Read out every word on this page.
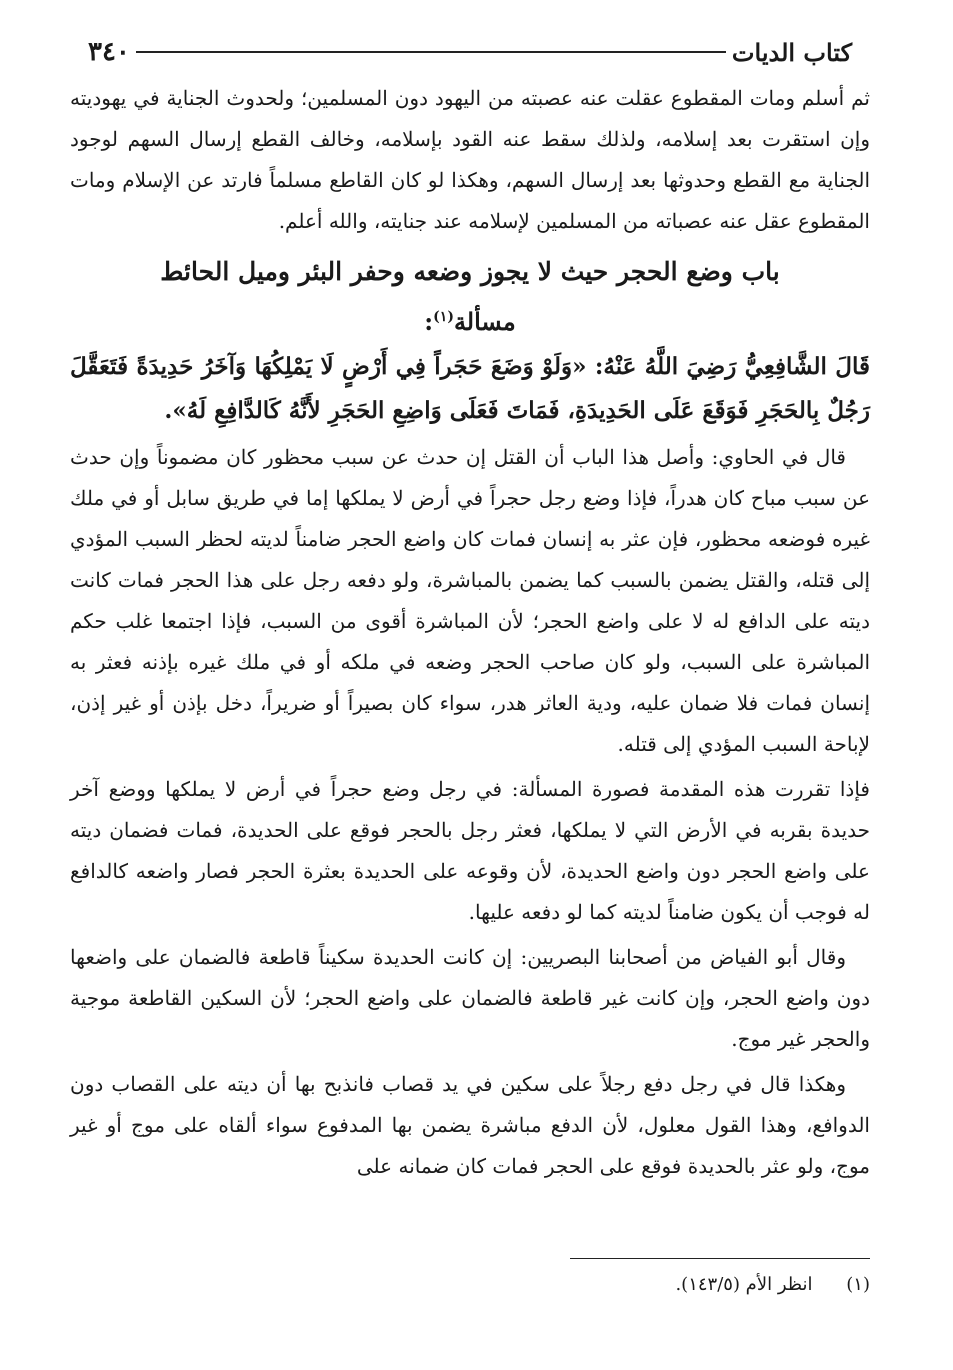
كتاب الديات
٣٤٠

ثم أسلم ومات المقطوع عقلت عنه عصبته من اليهود دون المسلمين؛ ولحدوث الجناية في يهوديته وإن استقرت بعد إسلامه، ولذلك سقط عنه القود بإسلامه، وخالف القطع إرسال السهم لوجود الجناية مع القطع وحدوثها بعد إرسال السهم، وهكذا لو كان القاطع مسلماً فارتد عن الإسلام ومات المقطوع عقل عنه عصباته من المسلمين لإسلامه عند جنايته، والله أعلم.

باب وضع الحجر حيث لا يجوز وضعه وحفر البئر وميل الحائط
مسألة$^{(١)}$:

قَالَ الشَّافِعِيُّ رَضِيَ اللَّهُ عَنْهُ: «وَلَوْ وَضَعَ حَجَراً فِي أَرْضٍ لَا يَمْلِكُهَا وَآخَرُ حَدِيدَةً فَتَعَقَّلَ رَجُلٌ بِالحَجَرِ فَوَقَعَ عَلَى الحَدِيدَةِ، فَمَاتَ فَعَلَى وَاضِعِ الحَجَرِ لأَنَّهُ كَالدَّافِعِ لَهُ».

قال في الحاوي: وأصل هذا الباب أن القتل إن حدث عن سبب محظور كان مضموناً وإن حدث عن سبب مباح كان هدراً، فإذا وضع رجل حجراً في أرض لا يملكها إما في طريق سابل أو في ملك غيره فوضعه محظور، فإن عثر به إنسان فمات كان واضع الحجر ضامناً لديته لحظر السبب المؤدي إلى قتله، والقتل يضمن بالسبب كما يضمن بالمباشرة، ولو دفعه رجل على هذا الحجر فمات كانت ديته على الدافع له لا على واضع الحجر؛ لأن المباشرة أقوى من السبب، فإذا اجتمعا غلب حكم المباشرة على السبب، ولو كان صاحب الحجر وضعه في ملكه أو في ملك غيره بإذنه فعثر به إنسان فمات فلا ضمان عليه، ودية العاثر هدر، سواء كان بصيراً أو ضريراً، دخل بإذن أو غير إذن، لإباحة السبب المؤدي إلى قتله.

فإذا تقررت هذه المقدمة فصورة المسألة: في رجل وضع حجراً في أرض لا يملكها ووضع آخر حديدة بقربه في الأرض التي لا يملكها، فعثر رجل بالحجر فوقع على الحديدة، فمات فضمان ديته على واضع الحجر دون واضع الحديدة، لأن وقوعه على الحديدة بعثرة الحجر فصار واضعه كالدافع له فوجب أن يكون ضامناً لديته كما لو دفعه عليها.

وقال أبو الفياض من أصحابنا البصريين: إن كانت الحديدة سكيناً قاطعة فالضمان على واضعها دون واضع الحجر، وإن كانت غير قاطعة فالضمان على واضع الحجر؛ لأن السكين القاطعة موجية والحجر غير موج.

وهكذا قال في رجل دفع رجلاً على سكين في يد قصاب فانذبح بها أن ديته على القصاب دون الدوافع، وهذا القول معلول، لأن الدفع مباشرة يضمن بها المدفوع سواء ألقاه على موج أو غير موج، ولو عثر بالحديدة فوقع على الحجر فمات كان ضمانه على

(١) انظر الأم (١٤٣/٥).
